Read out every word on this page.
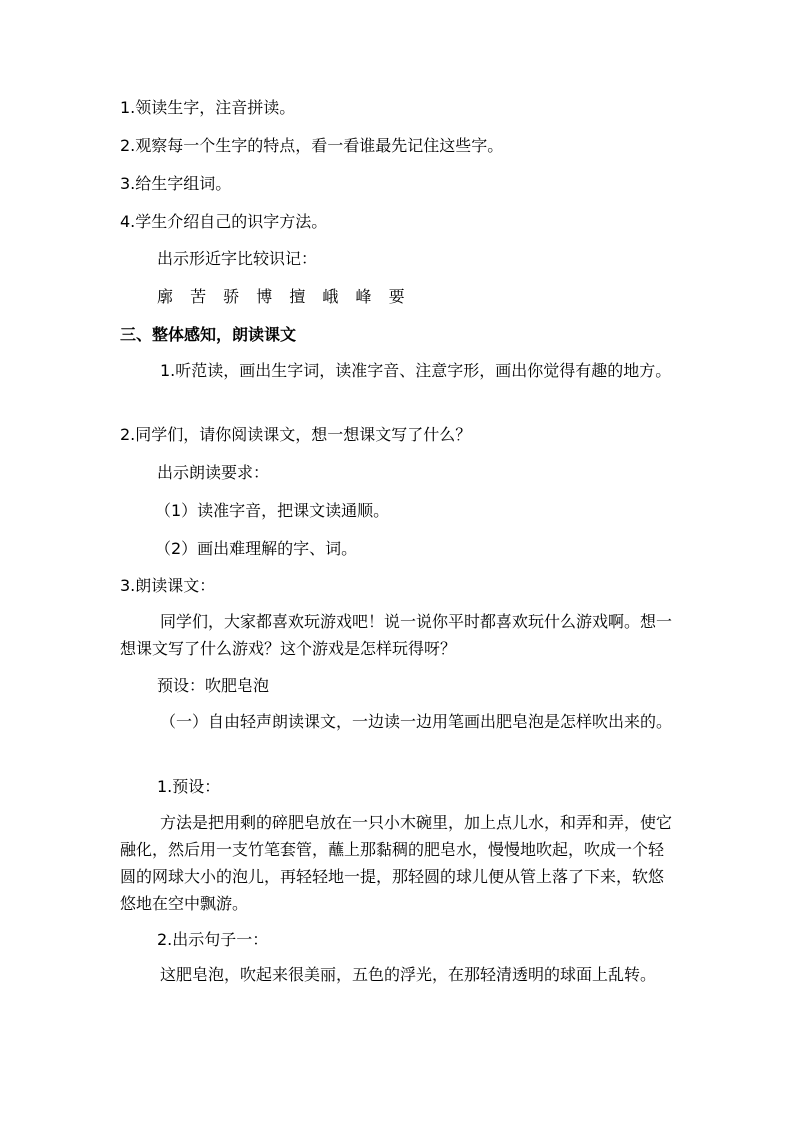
1.领读生字，注音拼读。
2.观察每一个生字的特点，看一看谁最先记住这些字。
3.给生字组词。
4.学生介绍自己的识字方法。
出示形近字比较识记：
廓 苦 骄 博 擅 峨 峰 要
三、整体感知，朗读课文
1.听范读，画出生字词，读准字音、注意字形，画出你觉得有趣的地方。
2.同学们，请你阅读课文，想一想课文写了什么？
出示朗读要求：
（1）读准字音，把课文读通顺。
（2）画出难理解的字、词。
3.朗读课文：
同学们，大家都喜欢玩游戏吧！说一说你平时都喜欢玩什么游戏啊。想一想课文写了什么游戏？这个游戏是怎样玩得呀？
预设：吹肥皂泡
（一）自由轻声朗读课文，一边读一边用笔画出肥皂泡是怎样吹出来的。
1.预设：
方法是把用剩的碎肥皂放在一只小木碗里，加上点儿水，和弄和弄，使它融化，然后用一支竹笔套管，蘸上那黏稠的肥皂水，慢慢地吹起，吹成一个轻圆的网球大小的泡儿，再轻轻地一提，那轻圆的球儿便从管上落了下来，软悠悠地在空中飘游。
2.出示句子一：
这肥皂泡，吹起来很美丽，五色的浮光，在那轻清透明的球面上乱转。
